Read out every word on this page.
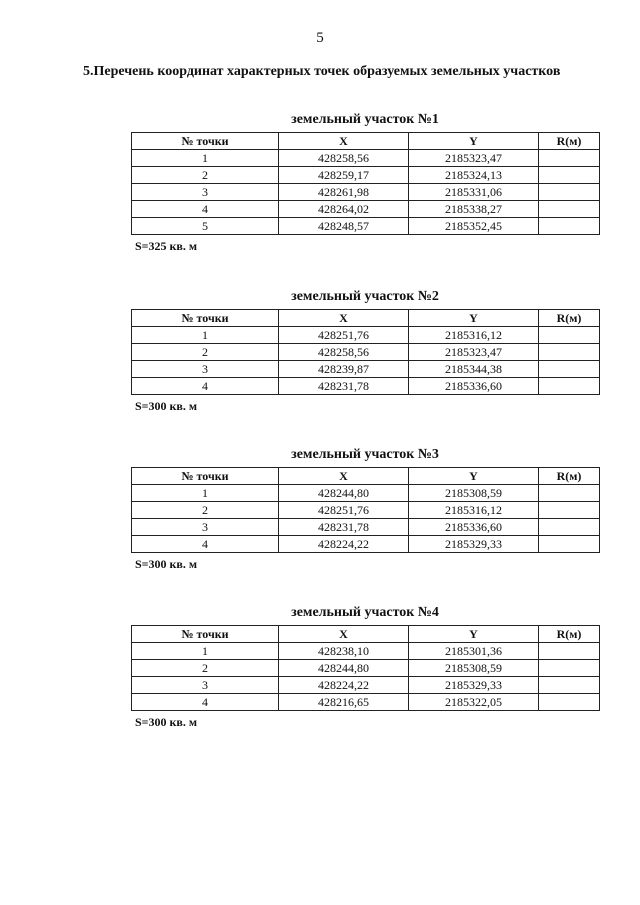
5
5.Перечень координат характерных точек образуемых земельных участков
земельный участок №1
№ точки	X	Y	R(м)
1	428258,56	2185323,47	
2	428259,17	2185324,13	
3	428261,98	2185331,06	
4	428264,02	2185338,27	
5	428248,57	2185352,45	
S=325 кв. м
земельный участок №2
№ точки	X	Y	R(м)
1	428251,76	2185316,12	
2	428258,56	2185323,47	
3	428239,87	2185344,38	
4	428231,78	2185336,60	
S=300 кв. м
земельный участок №3
№ точки	X	Y	R(м)
1	428244,80	2185308,59	
2	428251,76	2185316,12	
3	428231,78	2185336,60	
4	428224,22	2185329,33	
S=300 кв. м
земельный участок №4
№ точки	X	Y	R(м)
1	428238,10	2185301,36	
2	428244,80	2185308,59	
3	428224,22	2185329,33	
4	428216,65	2185322,05	
S=300 кв. м
